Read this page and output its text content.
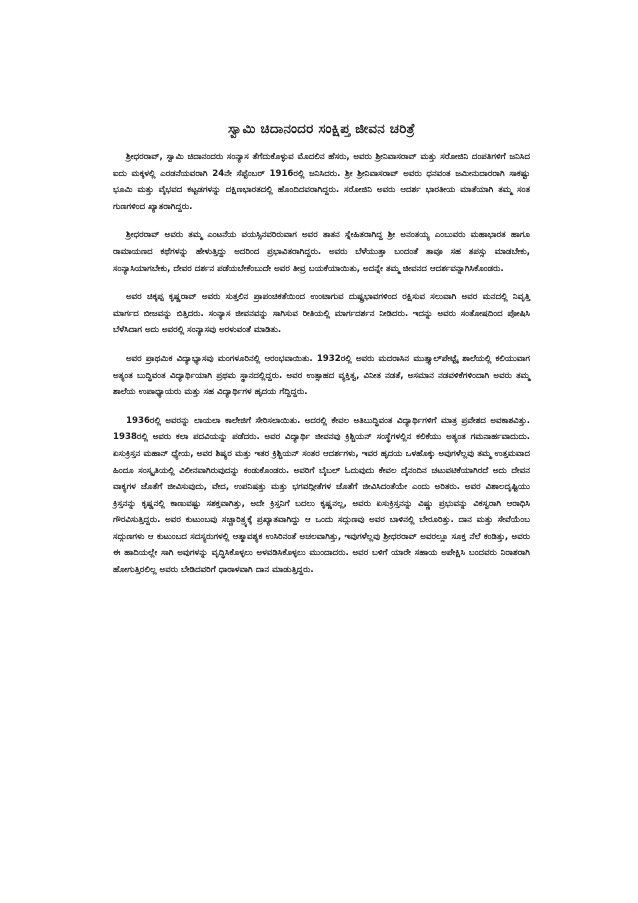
ಸ್ವಾಮಿ ಚಿದಾನಂದರ ಸಂಕ್ಷಿಪ್ತ ಜೀವನ ಚರಿತ್ರೆ

ಶ್ರೀಧರರಾವ್, ಸ್ವಾಮಿ ಚಿದಾನಂದರು ಸಂನ್ಯಾಸ ತೆಗೆದುಕೊಳ್ಳುವ ಮೊದಲಿನ ಹೆಸರು, ಅವರು ಶ್ರೀನಿವಾಸರಾವ್ ಮತ್ತು ಸರೋಜಿನಿ ದಂಪತಿಗಳಿಗೆ ಜನಿಸಿದ ಐದು ಮಕ್ಕಳಲ್ಲಿ ಎರಡನೆಯವರಾಗಿ 24ನೇ ಸೆಪ್ಟೆಂಬರ್ 1916ರಲ್ಲಿ ಜನಿಸಿದರು. ಶ್ರೀ ಶ್ರೀನಿವಾಸರಾವ್ ಅವರು ಧನವಂತ ಜಮೀನುದಾರರಾಗಿ ಸಾಕಷ್ಟು ಭೂಮಿ ಮತ್ತು ವೈಭವದ ಕಟ್ಟಡಗಳನ್ನು ದಕ್ಷಿಣಭಾರತದಲ್ಲಿ ಹೊಂದಿದವರಾಗಿದ್ದರು. ಸರೋಜಿನಿ ಅವರು ಆದರ್ಶ ಭಾರತೀಯ ಮಾತೆಯಾಗಿ ತಮ್ಮ ಸಂತ ಗುಣಗಳಿಂದ ಖ್ಯಾತರಾಗಿದ್ದರು.

ಶ್ರೀಧರರಾವ್ ಅವರು ತಮ್ಮ ಎಂಟನೆಯ ವಯಸ್ಸಿನವರಿರುವಾಗ ಅವರ ತಾತನ ಸ್ನೇಹಿತರಾಗಿದ್ದ ಶ್ರೀ ಅನಂತಯ್ಯ ಎಂಬುವರು ಮಹಾಭಾರತ ಹಾಗೂ ರಾಮಾಯಣದ ಕಥೆಗಳನ್ನು ಹೇಳುತ್ತಿದ್ದು ಅದರಿಂದ ಪ್ರಭಾವಿತರಾಗಿದ್ದರು. ಅವರು ಬೆಳೆಯುತ್ತಾ ಬಂದಂತೆ ತಾವೂ ಸಹ ತಪಸ್ಸು ಮಾಡಬೇಕು, ಸಂನ್ಯಾಸಿಯಾಗಬೇಕು, ದೇವರ ದರ್ಶನ ಪಡೆಯಬೇಕೆಂಬುದೇ ಅವರ ತೀವ್ರ ಬಯಕೆಯಾಯಿತು, ಅದನ್ನೇ ತಮ್ಮ ಜೀವನದ ಆದರ್ಶವನ್ನಾಗಿಸಿಕೊಂಡರು.

ಅವರ ಚಿಕ್ಕಪ್ಪ ಕೃಷ್ಣರಾವ್ ಅವರು ಸುತ್ತಲಿನ ಪ್ರಾಪಂಚಿಕತೆಯಿಂದ ಉಂಟಾಗುವ ದುಷ್ಪ್ರಭಾವಗಳಿಂದ ರಕ್ಷಿಸುವ ಸಲುವಾಗಿ ಅವರ ಮನದಲ್ಲಿ ನಿವೃತ್ತಿ ಮಾರ್ಗದ ಬೀಜವನ್ನು ಬಿತ್ತಿದರು. ಸಂನ್ಯಾಸ ಜೀವನವನ್ನು ಸಾಗಿಸುವ ರೀತಿಯಲ್ಲಿ ಮಾರ್ಗದರ್ಶನ ನೀಡಿದರು. ಇದನ್ನು ಅವರು ಸಂತೋಷದಿಂದ ಪೋಷಿಸಿ ಬೆಳೆಸಿದಾಗ ಅದು ಅವರಲ್ಲಿ ಸಂನ್ಯಾಸವು ಅರಳುವಂತೆ ಮಾಡಿತು.

ಅವರ ಪ್ರಾಥಮಿಕ ವಿದ್ಯಾಭ್ಯಾಸವು ಮಂಗಳೂರಿನಲ್ಲಿ ಆರಂಭವಾಯಿತು. 1932ರಲ್ಲಿ ಅವರು ಮದರಾಸಿನ ಮುತ್ತ್ಯಾಲ್‌ಪೇಟ್ಟೈ ಶಾಲೆಯಲ್ಲಿ ಕಲಿಯುವಾಗ ಅತ್ಯಂತ ಬುದ್ಧಿವಂತ ವಿದ್ಯಾರ್ಥಿಯಾಗಿ ಪ್ರಥಮ ಸ್ಥಾನದಲ್ಲಿದ್ದರು. ಅವರ ಉತ್ಸಾಹದ ವ್ಯಕ್ತಿತ್ವ, ವಿನೀತ ನಡತೆ, ಅಸಮಾನ ನಡವಳಿಕೆಗಳಿಂದಾಗಿ ಅವರು ತಮ್ಮ ಶಾಲೆಯ ಉಪಾಧ್ಯಾಯರು ಮತ್ತು ಸಹ ವಿದ್ಯಾರ್ಥಿಗಳ ಹೃದಯ ಗೆದ್ದಿದ್ದರು.

1936ರಲ್ಲಿ ಅವರನ್ನು ಲಾಯಲಾ ಕಾಲೇಜಿಗೆ ಸೇರಿಸಲಾಯಿತು. ಅದರಲ್ಲಿ ಕೇವಲ ಅತಿಬುದ್ಧಿವಂತ ವಿದ್ಯಾರ್ಥಿಗಳಿಗೆ ಮಾತ್ರ ಪ್ರವೇಶದ ಅವಕಾಶವಿತ್ತು. 1938ರಲ್ಲಿ ಅವರು ಕಲಾ ಪದವಿಯನ್ನು ಪಡೆದರು. ಅವರ ವಿದ್ಯಾರ್ಥಿ ಜೀವನವು ಕ್ರಿಶ್ಚಿಯನ್ ಸಂಸ್ಥೆಗಳಲ್ಲಿನ ಕಲಿಕೆಯು ಅತ್ಯಂತ ಗಮನಾರ್ಹವಾದುದು. ಏಸುಕ್ರಿಸ್ತನ ಮಹಾನ್ ಧ್ಯೇಯ, ಅವರ ಶಿಷ್ಯರ ಮತ್ತು ಇತರ ಕ್ರಿಶ್ಚಿಯನ್ ಸಂತರ ಆದರ್ಶಗಳು, ಇವರ ಹೃದಯ ಒಳಹೊಕ್ಕು ಅವುಗಳೆಲ್ಲವು ತಮ್ಮ ಉತ್ತಮವಾದ ಹಿಂದೂ ಸಂಸ್ಕೃತಿಯಲ್ಲಿ ವಿಲೀನವಾಗಿರುವುದನ್ನು ಕಂಡುಕೊಂಡರು. ಅವರಿಗೆ ಬೈಬಲ್ ಓದುವುದು ಕೇವಲ ದೈನಂದಿನ ಚಟುವಟಿಕೆಯಾಗಿರದೆ ಅದು ದೇವನ ವಾಕ್ಯಗಳ ಜೊತೆಗೆ ಜೀವಿಸುವುದು, ವೇದ, ಉಪನಿಷತ್ತು ಮತ್ತು ಭಗವದ್ಗೀತೆಗಳ ಜೊತೆಗೆ ಜೀವಿಸಿದಂತೆಯೇ ಎಂದು ಅರಿತರು. ಅವರ ವಿಶಾಲದೃಷ್ಟಿಯು ಕ್ರಿಸ್ತನನ್ನು ಕೃಷ್ಣನಲ್ಲಿ ಕಾಣುವಷ್ಟು ಸಶಕ್ತವಾಗಿತ್ತು, ಅದೇ ಕ್ರಿಸ್ತನಿಗೆ ಬದಲು ಕೃಷ್ಣನಲ್ಲ, ಅವರು ಏಸುಕ್ರಿಸ್ತನನ್ನು ವಿಷ್ಣು ಪ್ರಭುವನ್ನು ವಿಕಸ್ವರಾಗಿ ಆರಾಧಿಸಿ ಗೌರವಿಸುತ್ತಿದ್ದರು. ಅವರ ಕುಟುಂಬವು ಸಚ್ಚಾರಿತ್ರ್ಯಕ್ಕೆ ಪ್ರಖ್ಯಾತವಾಗಿದ್ದು ಆ ಒಂದು ಸದ್ಗುಣವು ಅವರ ಬಾಳಿನಲ್ಲಿ ಬೇರೂರಿತ್ತು. ದಾನ ಮತ್ತು ಸೇವೆಯೆಂಬ ಸದ್ಗುಣಗಳು ಆ ಕುಟುಂಬದ ಸದಸ್ಯರುಗಳಲ್ಲಿ ಆತ್ಮಾವಶ್ಯಕ ಉಸಿರಿನಂತೆ ಅಚಲವಾಗಿತ್ತು, ಇವುಗಳೆಲ್ಲವು ಶ್ರೀಧರರಾವ್ ಅವರಲ್ಲೂ ಸೂಕ್ತ ನೆಲೆ ಕಂಡಿತ್ತು, ಅವರು ಈ ಹಾದಿಯಲ್ಲೇ ಸಾಗಿ ಅವುಗಳನ್ನು ವೃದ್ಧಿಸಿಕೊಳ್ಳಲು ಅಳವಡಿಸಿಕೊಳ್ಳಲು ಮುಂದಾದರು. ಅವರ ಬಳಿಗೆ ಯಾರೇ ಸಹಾಯ ಅಪೇಕ್ಷಿಸಿ ಬಂದವರು ನಿರಾಶರಾಗಿ ಹೋಗುತ್ತಿರಲಿಲ್ಲ ಅವರು ಬೇಡಿದವರಿಗೆ ಧಾರಾಳವಾಗಿ ದಾನ ಮಾಡುತ್ತಿದ್ದರು.
